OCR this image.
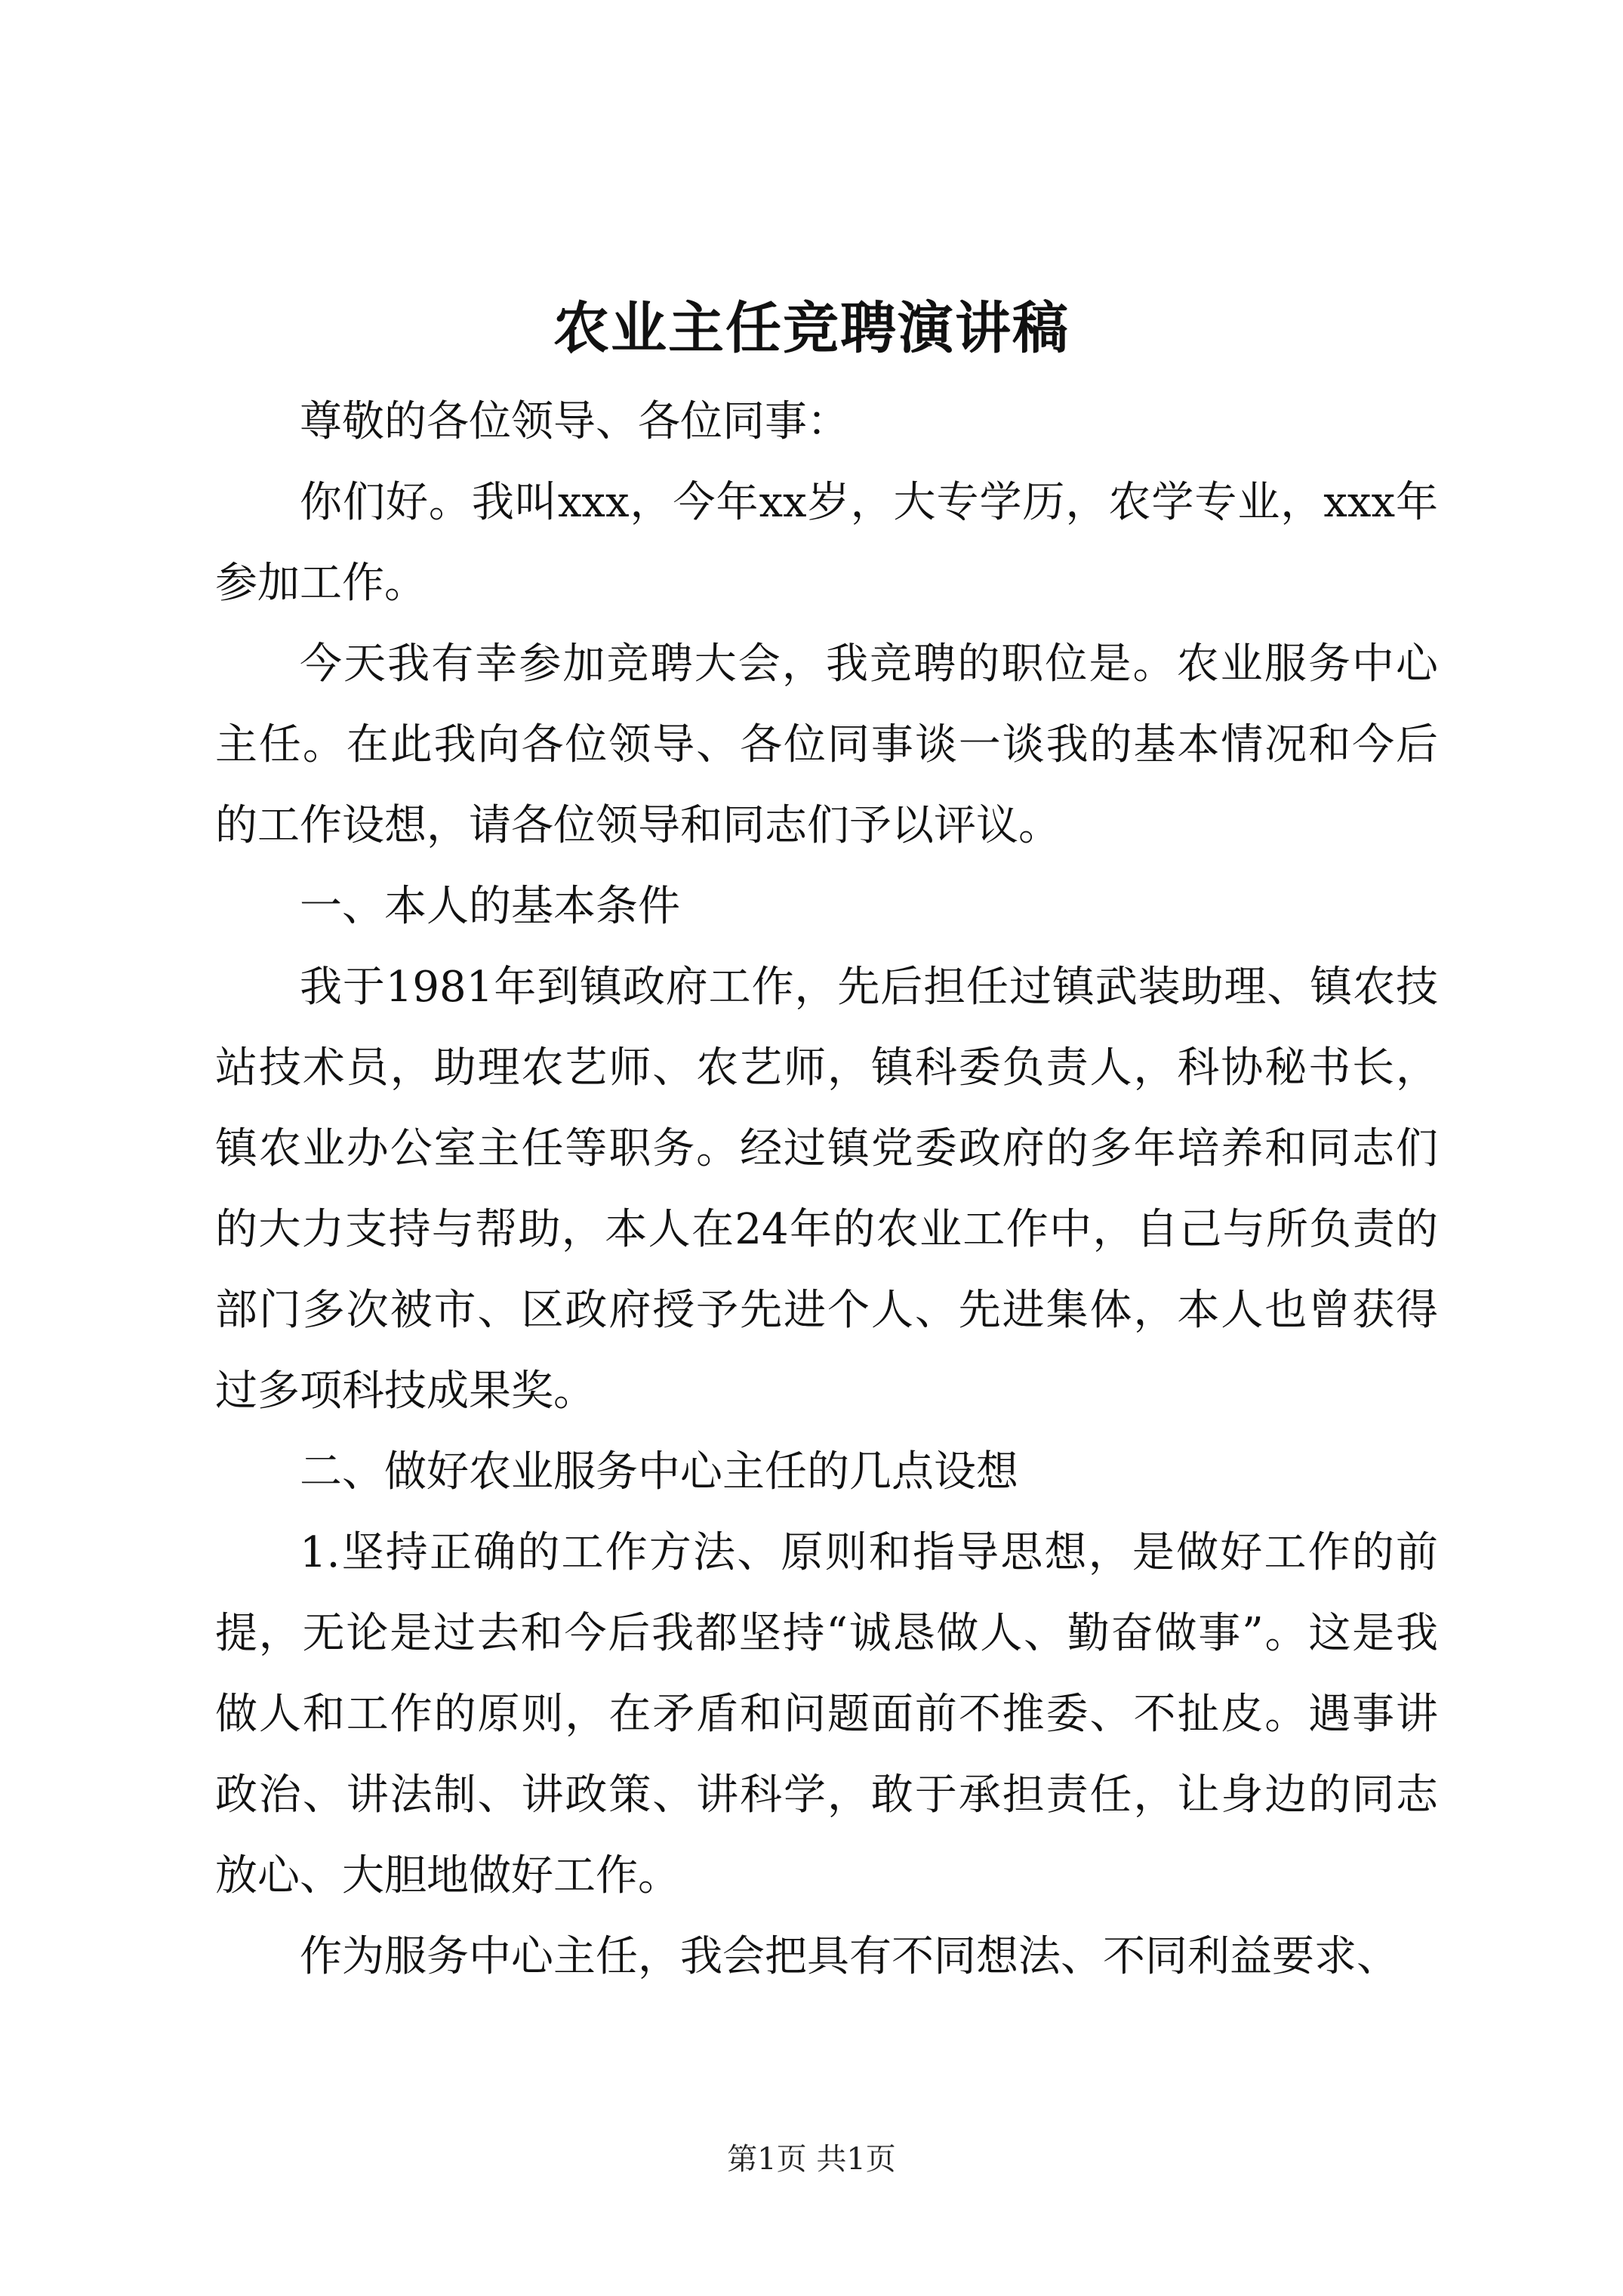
农业主任竞聘演讲稿

尊敬的各位领导、各位同事：

你们好。我叫xxx，今年xx岁，大专学历，农学专业，xxx年参加工作。

今天我有幸参加竞聘大会，我竞聘的职位是。农业服务中心主任。在此我向各位领导、各位同事谈一谈我的基本情况和今后的工作设想，请各位领导和同志们予以评议。

一、本人的基本条件

我于1981年到镇政府工作，先后担任过镇武装助理、镇农技站技术员，助理农艺师、农艺师，镇科委负责人，科协秘书长，镇农业办公室主任等职务。经过镇党委政府的多年培养和同志们的大力支持与帮助，本人在24年的农业工作中，自己与所负责的部门多次被市、区政府授予先进个人、先进集体，本人也曾获得过多项科技成果奖。

二、做好农业服务中心主任的几点设想

1.坚持正确的工作方法、原则和指导思想，是做好工作的前提，无论是过去和今后我都坚持“诚恳做人、勤奋做事”。这是我做人和工作的原则，在矛盾和问题面前不推委、不扯皮。遇事讲政治、讲法制、讲政策、讲科学，敢于承担责任，让身边的同志放心、大胆地做好工作。

作为服务中心主任，我会把具有不同想法、不同利益要求、

第1页 共1页
